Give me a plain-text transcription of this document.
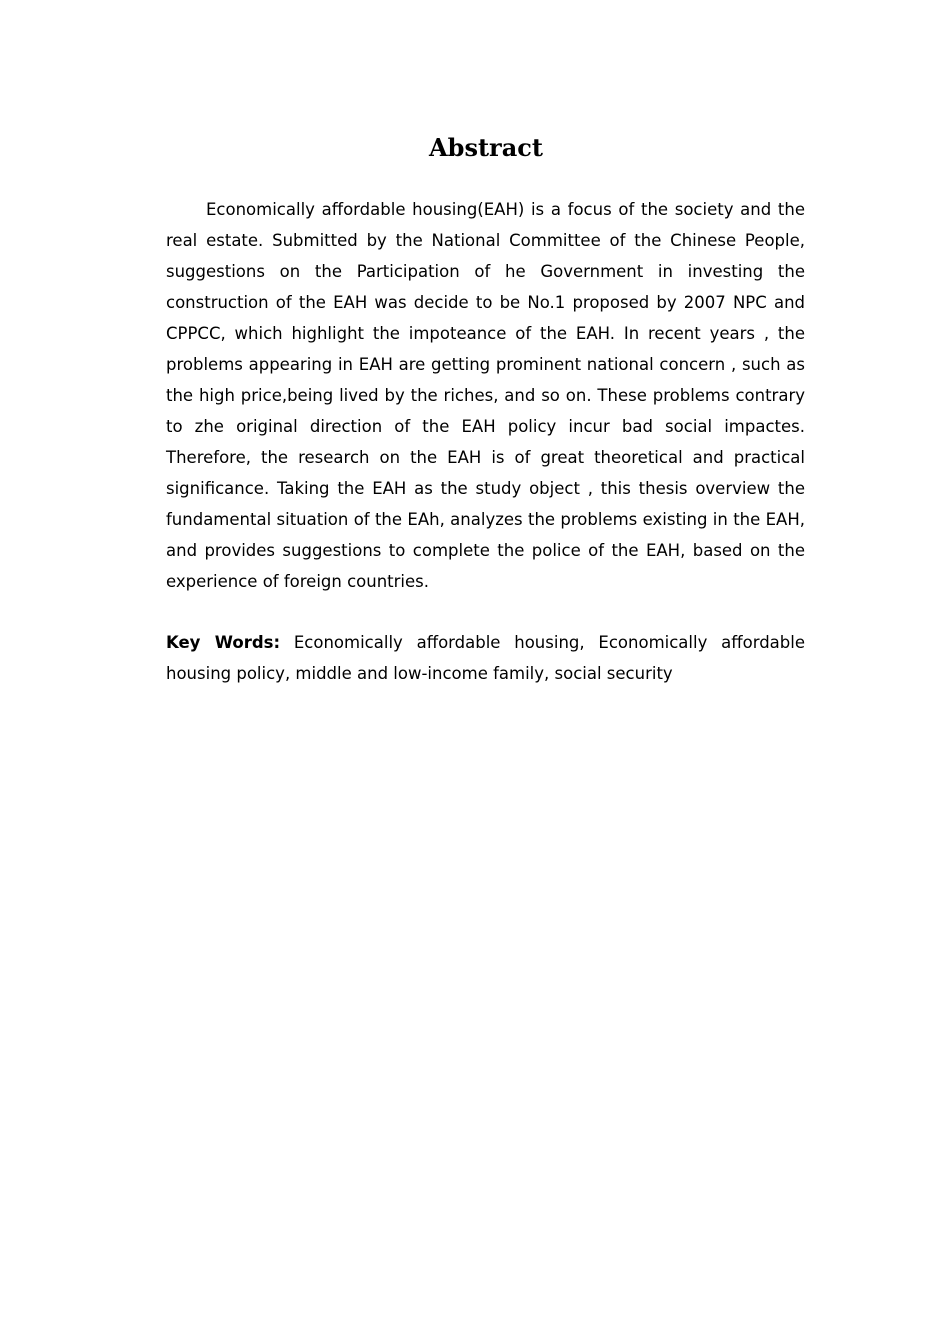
Abstract

Economically affordable housing(EAH) is a focus of the society and the real estate. Submitted by the National Committee of the Chinese People, suggestions on the Participation of he Government in investing the construction of the EAH was decide to be No.1 proposed by 2007 NPC and CPPCC, which highlight the impoteance of the EAH. In recent years , the problems appearing in EAH are getting prominent national concern , such as the high price,being lived by the riches, and so on. These problems contrary to zhe original direction of the EAH policy incur bad social impactes. Therefore, the research on the EAH is of great theoretical and practical significance. Taking the EAH as the study object , this thesis overview the fundamental situation of the EAh, analyzes the problems existing in the EAH, and provides suggestions to complete the police of the EAH, based on the experience of foreign countries.

Key Words: Economically affordable housing, Economically affordable housing policy, middle and low-income family, social security
